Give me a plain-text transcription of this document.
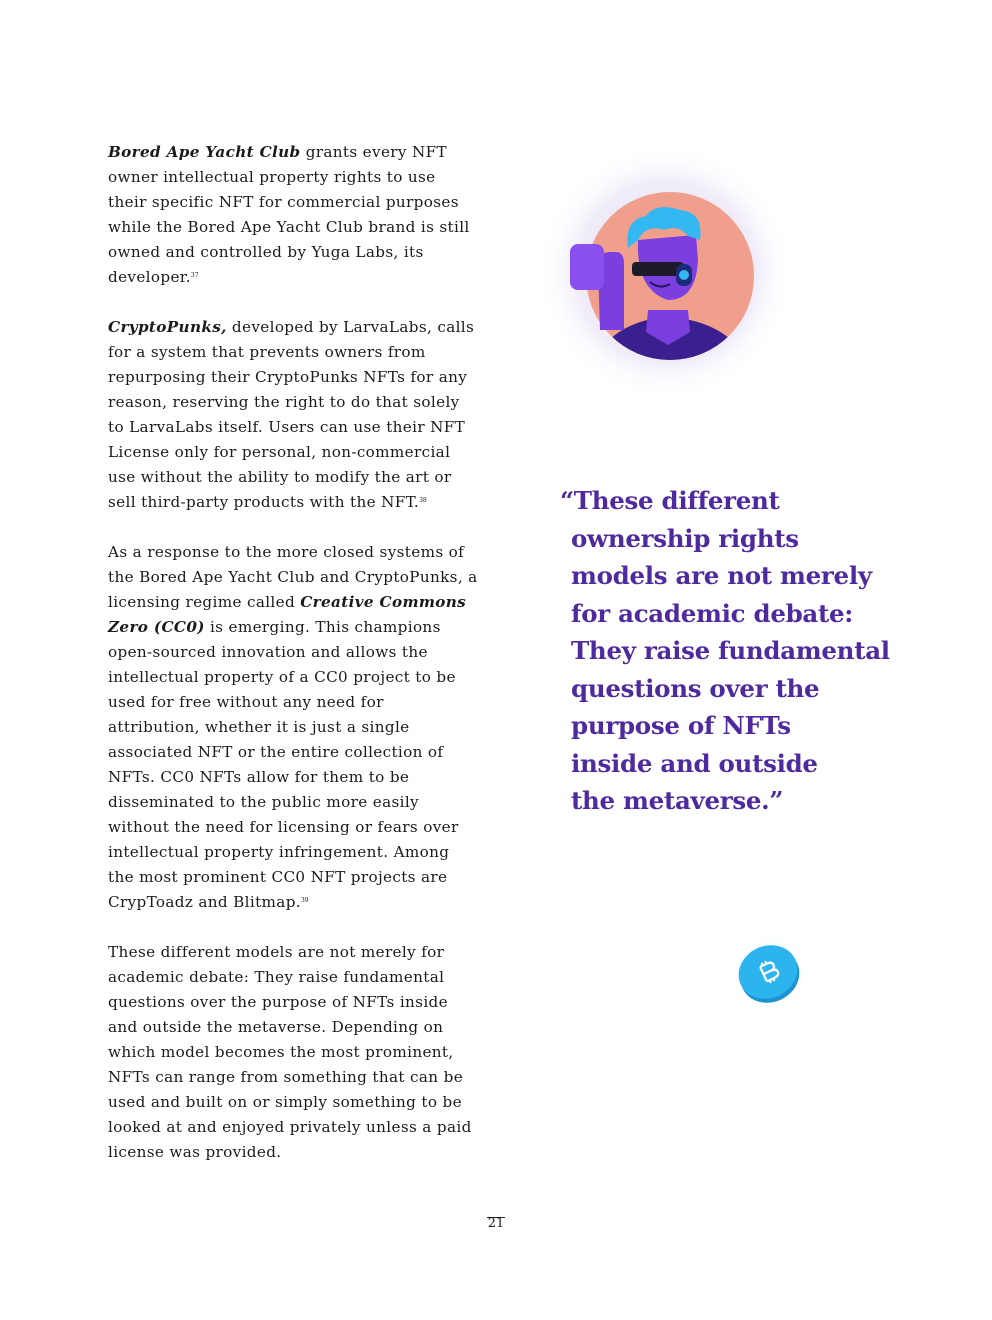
Bored Ape Yacht Club grants every NFT owner intellectual property rights to use their specific NFT for commercial purposes while the Bored Ape Yacht Club brand is still owned and controlled by Yuga Labs, its developer.$^{37}$

CryptoPunks, developed by LarvaLabs, calls for a system that prevents owners from repurposing their CryptoPunks NFTs for any reason, reserving the right to do that solely to LarvaLabs itself. Users can use their NFT License only for personal, non-commercial use without the ability to modify the art or sell third-party products with the NFT.$^{38}$

As a response to the more closed systems of the Bored Ape Yacht Club and CryptoPunks, a licensing regime called Creative Commons Zero (CC0) is emerging. This champions open-sourced innovation and allows the intellectual property of a CC0 project to be used for free without any need for attribution, whether it is just a single associated NFT or the entire collection of NFTs. CC0 NFTs allow for them to be disseminated to the public more easily without the need for licensing or fears over intellectual property infringement. Among the most prominent CC0 NFT projects are CrypToadz and Blitmap.$^{39}$

These different models are not merely for academic debate: They raise fundamental questions over the purpose of NFTs inside and outside the metaverse. Depending on which model becomes the most prominent, NFTs can range from something that can be used and built on or simply something to be looked at and enjoyed privately unless a paid license was provided.

“These different
ownership rights
models are not merely
for academic debate:
They raise fundamental
questions over the
purpose of NFTs
inside and outside
the metaverse.”
21
